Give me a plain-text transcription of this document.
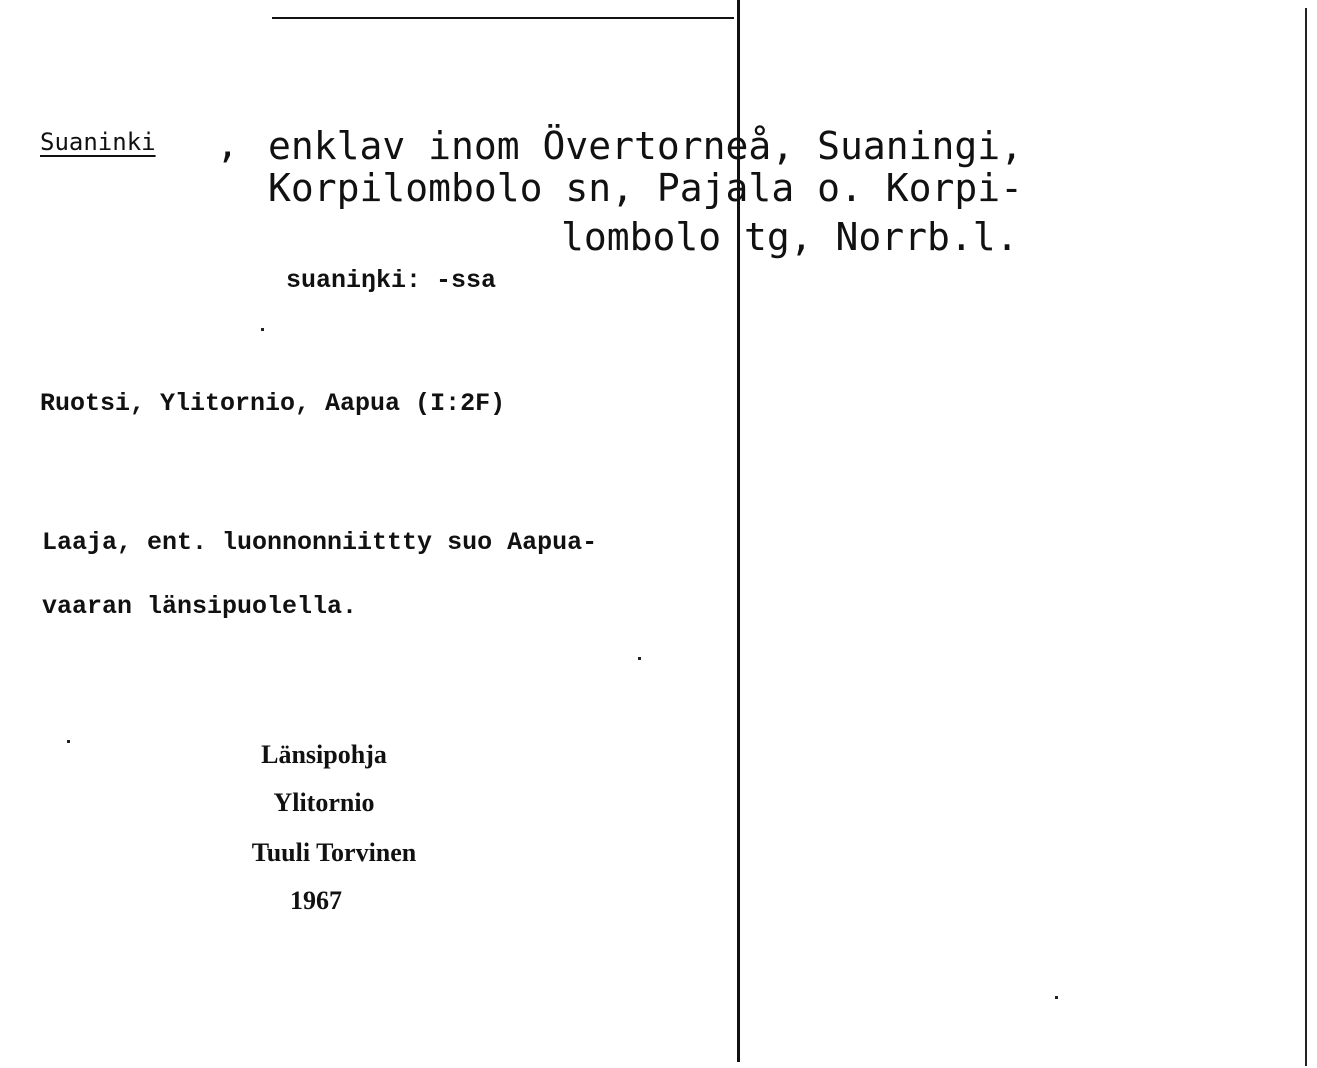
Suaninki , enklav inom Övertorneå, Suaningi,
Korpilombolo sn, Pajala o. Korpi-
lombolo tg, Norrb.l.
suaniŋki: -ssa
Ruotsi, Ylitornio, Aapua (I:2F)
Laaja, ent. luonnonniittty suo Aapua-
vaaran länsipuolella.
Länsipohja
Ylitornio
Tuuli Torvinen
1967
